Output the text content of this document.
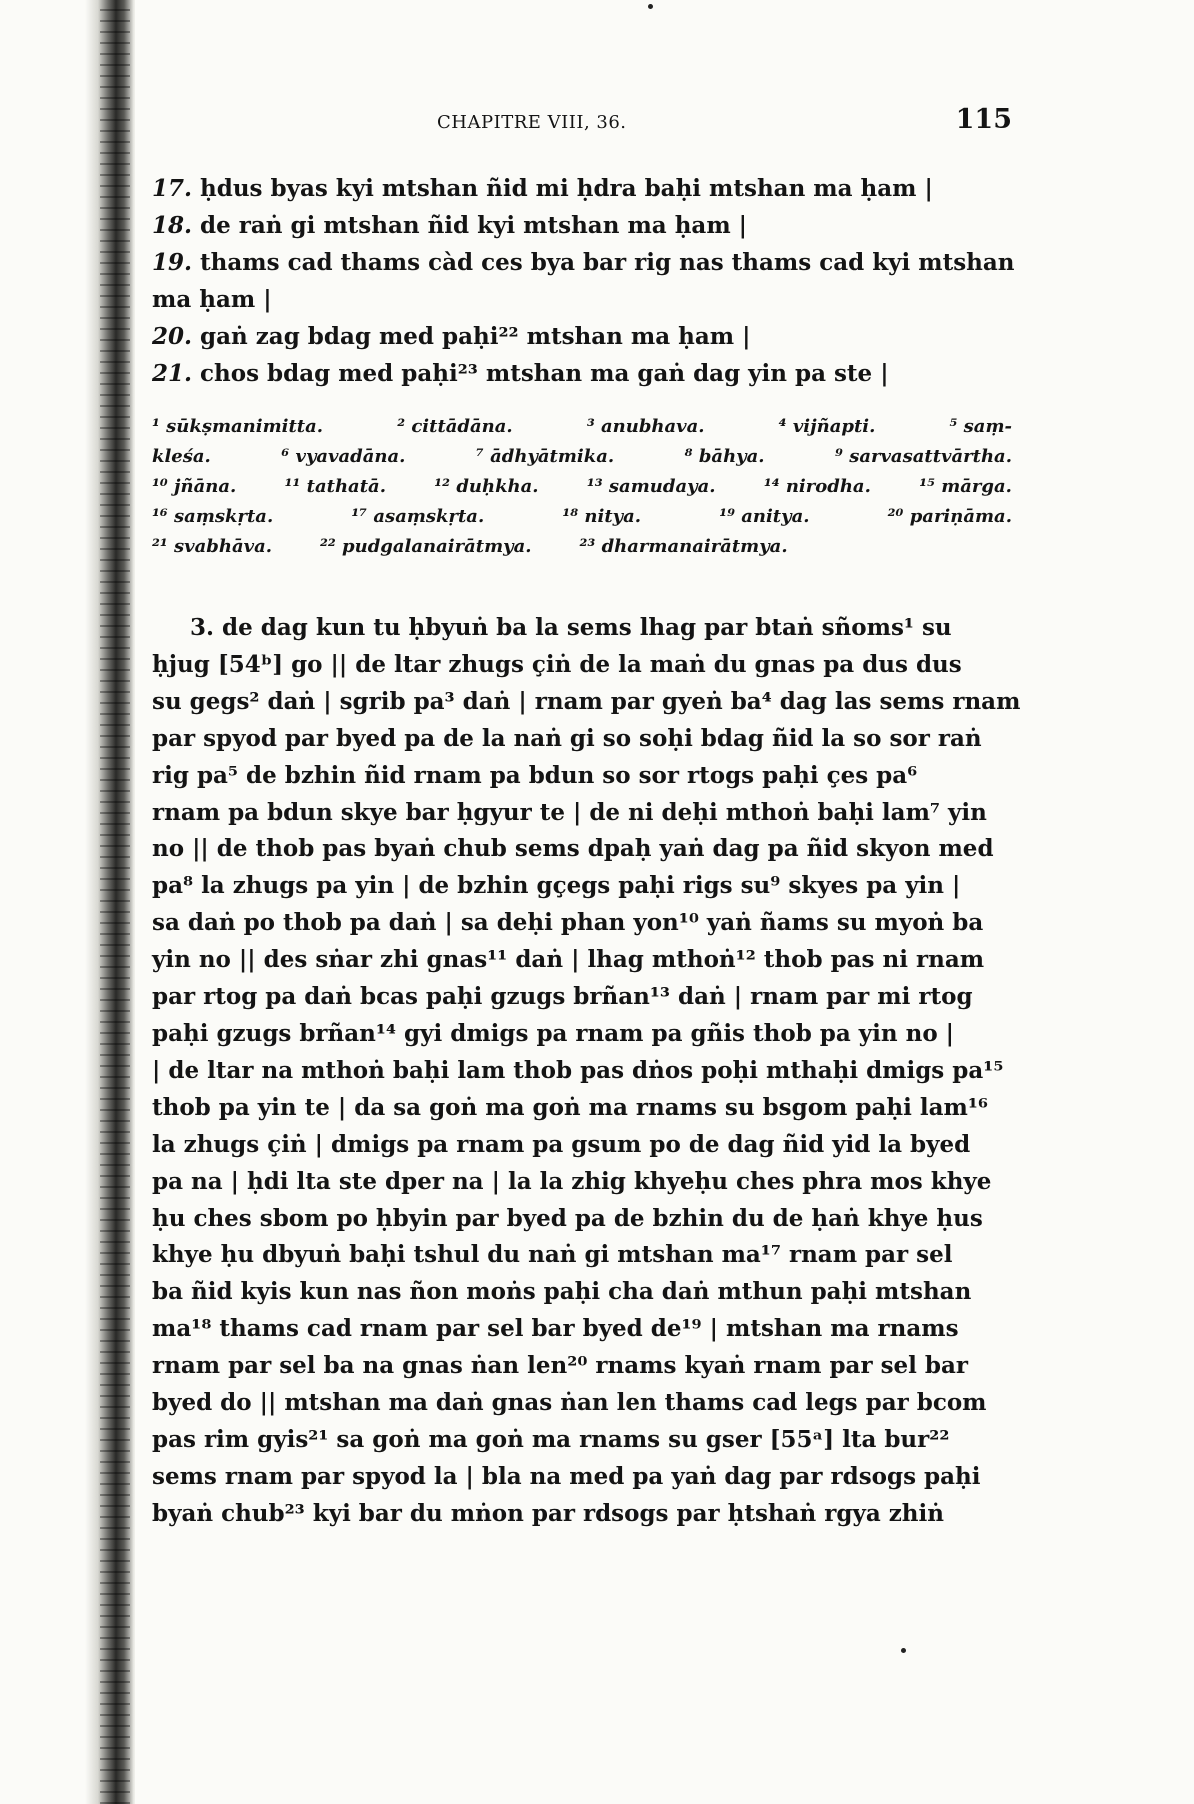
CHAPITRE VIII, 36.	115
17. ḥdus byas kyi mtshan ñid mi ḥdra baḥi mtshan ma ḥam |
18. de raṅ gi mtshan ñid kyi mtshan ma ḥam |
19. thams cad thams càd ces bya bar rig nas thams cad kyi mtshan
ma ḥam |
20. gaṅ zag bdag med paḥi²² mtshan ma ḥam |
21. chos bdag med paḥi²³ mtshan ma gaṅ dag yin pa ste |
¹ sūkṣmanimitta.	² cittādāna.	³ anubhava.	⁴ vijñapti.	⁵ saṃ-
kleśa.	⁶ vyavadāna.	⁷ ādhyātmika.	⁸ bāhya.	⁹ sarvasattvārtha.
¹⁰ jñāna.	¹¹ tathatā.	¹² duḥkha.	¹³ samudaya.	¹⁴ nirodha.	¹⁵ mārga.
¹⁶ saṃskṛta.	¹⁷ asaṃskṛta.	¹⁸ nitya.	¹⁹ anitya.	²⁰ pariṇāma.
²¹ svabhāva.	²² pudgalanairātmya.	²³ dharmanairātmya.
3. de dag kun tu ḥbyuṅ ba la sems lhag par btaṅ sñoms¹ su
ḥjug [54ᵇ] go || de ltar zhugs çiṅ de la maṅ du gnas pa dus dus
su gegs² daṅ | sgrib pa³ daṅ | rnam par gyeṅ ba⁴ dag las sems rnam
par spyod par byed pa de la naṅ gi so soḥi bdag ñid la so sor raṅ
rig pa⁵ de bzhin ñid rnam pa bdun so sor rtogs paḥi çes pa⁶
rnam pa bdun skye bar ḥgyur te | de ni deḥi mthoṅ baḥi lam⁷ yin
no || de thob pas byaṅ chub sems dpaḥ yaṅ dag pa ñid skyon med
pa⁸ la zhugs pa yin | de bzhin gçegs paḥi rigs su⁹ skyes pa yin |
sa daṅ po thob pa daṅ | sa deḥi phan yon¹⁰ yaṅ ñams su myoṅ ba
yin no || des sṅar zhi gnas¹¹ daṅ | lhag mthoṅ¹² thob pas ni rnam
par rtog pa daṅ bcas paḥi gzugs brñan¹³ daṅ | rnam par mi rtog
paḥi gzugs brñan¹⁴ gyi dmigs pa rnam pa gñis thob pa yin no |
| de ltar na mthoṅ baḥi lam thob pas dṅos poḥi mthaḥi dmigs pa¹⁵
thob pa yin te | da sa goṅ ma goṅ ma rnams su bsgom paḥi lam¹⁶
la zhugs çiṅ | dmigs pa rnam pa gsum po de dag ñid yid la byed
pa na | ḥdi lta ste dper na | la la zhig khyeḥu ches phra mos khye
ḥu ches sbom po ḥbyin par byed pa de bzhin du de ḥaṅ khye ḥus
khye ḥu dbyuṅ baḥi tshul du naṅ gi mtshan ma¹⁷ rnam par sel
ba ñid kyis kun nas ñon moṅs paḥi cha daṅ mthun paḥi mtshan
ma¹⁸ thams cad rnam par sel bar byed de¹⁹ | mtshan ma rnams
rnam par sel ba na gnas ṅan len²⁰ rnams kyaṅ rnam par sel bar
byed do || mtshan ma daṅ gnas ṅan len thams cad legs par bcom
pas rim gyis²¹ sa goṅ ma goṅ ma rnams su gser [55ᵃ] lta bur²²
sems rnam par spyod la | bla na med pa yaṅ dag par rdsogs paḥi
byaṅ chub²³ kyi bar du mṅon par rdsogs par ḥtshaṅ rgya zhiṅ
